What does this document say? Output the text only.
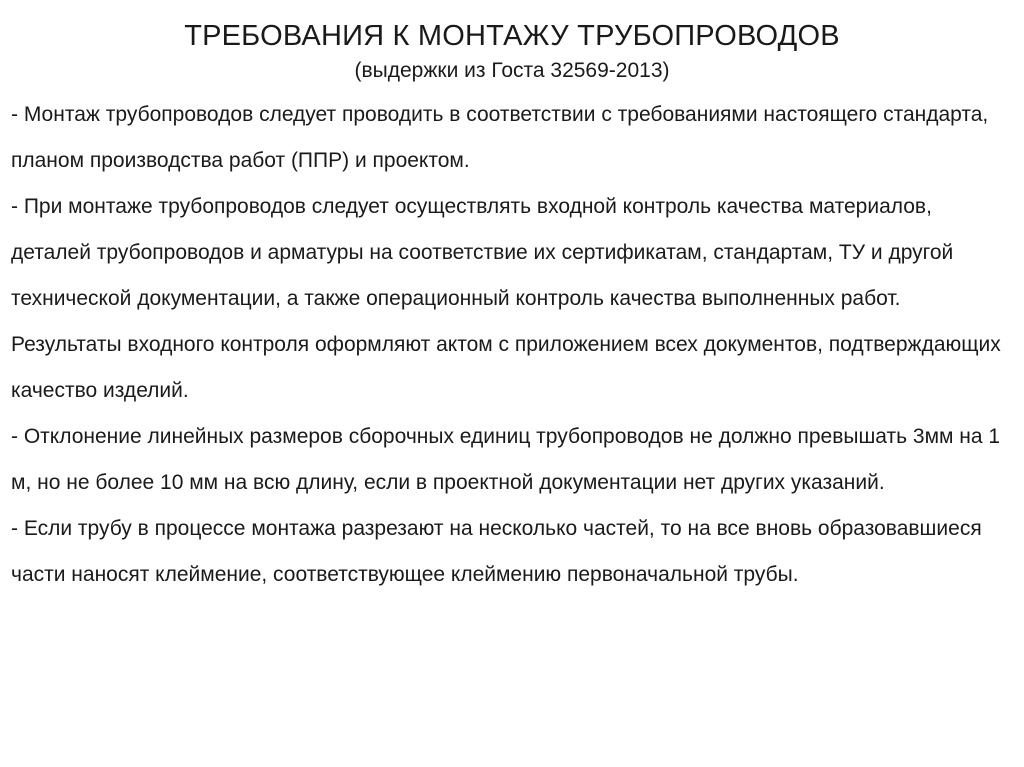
ТРЕБОВАНИЯ К МОНТАЖУ ТРУБОПРОВОДОВ
(выдержки из Госта 32569-2013)

- Монтаж трубопроводов следует проводить в соответствии с требованиями настоящего стандарта, планом производства работ (ППР) и проектом.

- При монтаже трубопроводов следует осуществлять входной контроль качества материалов, деталей трубопроводов и арматуры на соответствие их сертификатам, стандартам, ТУ и другой технической документации, а также операционный контроль качества выполненных работ. Результаты входного контроля оформляют актом с приложением всех документов, подтверждающих качество изделий.

- Отклонение линейных размеров сборочных единиц трубопроводов не должно превышать 3мм на 1 м, но не более 10 мм на всю длину, если в проектной документации нет других указаний.

- Если трубу в процессе монтажа разрезают на несколько частей, то на все вновь образовавшиеся части наносят клеймение, соответствующее клеймению первоначальной трубы.
